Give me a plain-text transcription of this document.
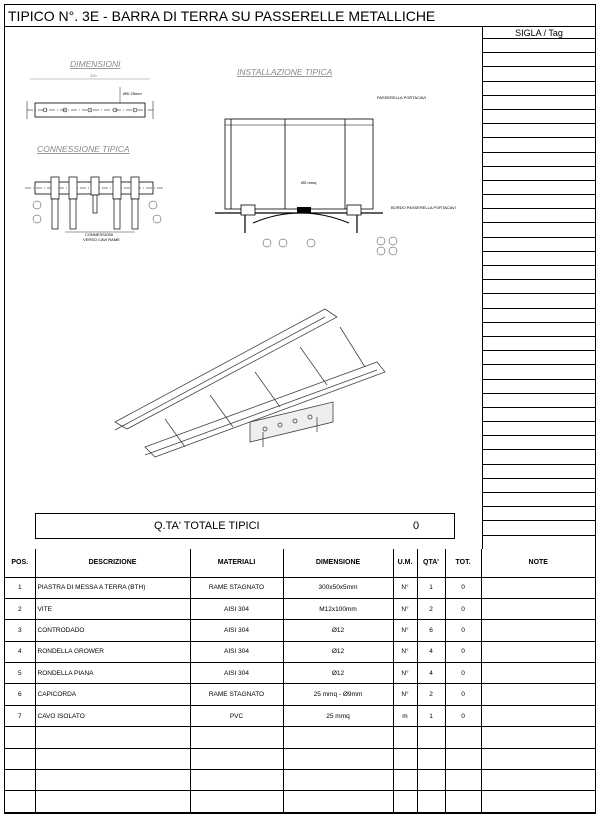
TIPICO N°. 3E - BARRA DI TERRA SU PASSERELLE METALLICHE
DIMENSIONI
300
Ø9/ 25mm
CONNESSIONE TIPICA
CONNESSIONI
VERSO CAVI RAME
INSTALLAZIONE TIPICA
PASSERELLA PORTACAVI
BORDO PASSERELLA PORTACAVI
Ø5 mmq
Q.TA' TOTALE TIPICI	0
SIGLA / Tag
POS.	DESCRIZIONE	MATERIALI	DIMENSIONE	U.M.	QTA'	TOT.	NOTE
1	PIASTRA DI MESSA A TERRA (BTH)	RAME STAGNATO	300x50x5mm	N°	1	0	
2	VITE	AISI 304	M12x100mm	N°	2	0	
3	CONTRODADO	AISI 304	Ø12	N°	6	0	
4	RONDELLA GROWER	AISI 304	Ø12	N°	4	0	
5	RONDELLA PIANA	AISI 304	Ø12	N°	4	0	
6	CAPICORDA	RAME STAGNATO	25 mmq - Ø9mm	N°	2	0	
7	CAVO ISOLATO	PVC	25 mmq	m	1	0	
